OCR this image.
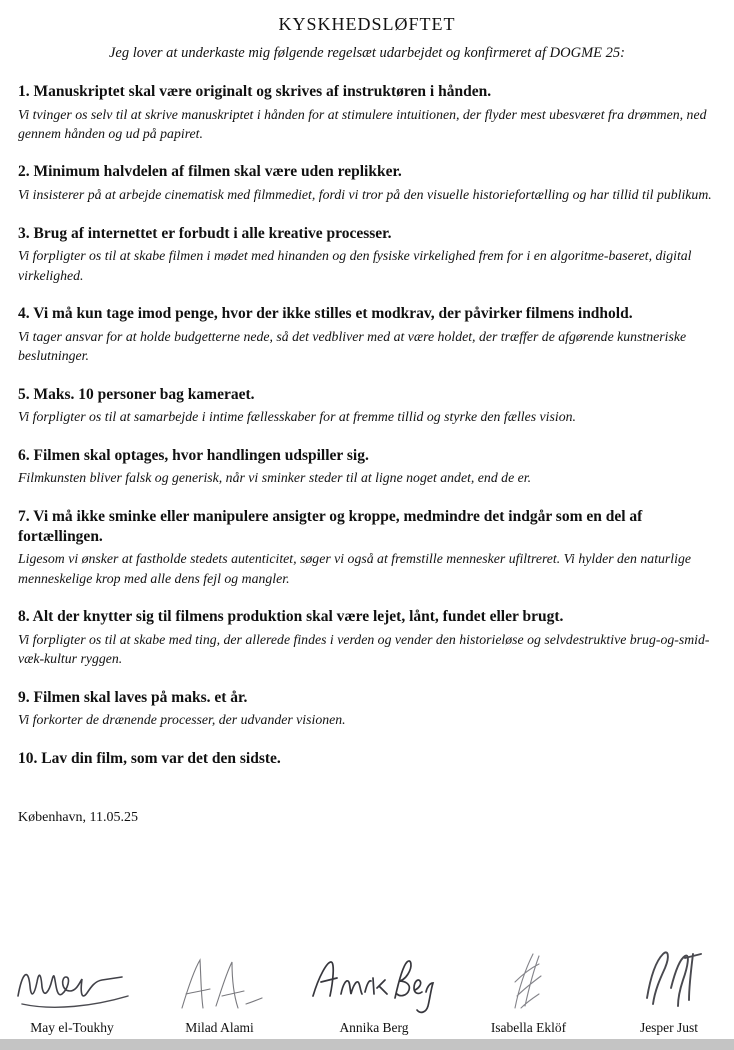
KYSKHEDSLØFTET

Jeg lover at underkaste mig følgende regelsæt udarbejdet og konfirmeret af DOGME 25:

1. Manuskriptet skal være originalt og skrives af instruktøren i hånden.

Vi tvinger os selv til at skrive manuskriptet i hånden for at stimulere intuitionen, der flyder mest ubesværet fra drømmen, ned gennem hånden og ud på papiret.

2. Minimum halvdelen af filmen skal være uden replikker.

Vi insisterer på at arbejde cinematisk med filmmediet, fordi vi tror på den visuelle historiefortælling og har tillid til publikum.

3. Brug af internettet er forbudt i alle kreative processer.

Vi forpligter os til at skabe filmen i mødet med hinanden og den fysiske virkelighed frem for i en algoritme-baseret, digital virkelighed.

4. Vi må kun tage imod penge, hvor der ikke stilles et modkrav, der påvirker filmens indhold.

Vi tager ansvar for at holde budgetterne nede, så det vedbliver med at være holdet, der træffer de afgørende kunstneriske beslutninger.

5. Maks. 10 personer bag kameraet.

Vi forpligter os til at samarbejde i intime fællesskaber for at fremme tillid og styrke den fælles vision.

6. Filmen skal optages, hvor handlingen udspiller sig.

Filmkunsten bliver falsk og generisk, når vi sminker steder til at ligne noget andet, end de er.

7. Vi må ikke sminke eller manipulere ansigter og kroppe, medmindre det indgår som en del af fortællingen.

Ligesom vi ønsker at fastholde stedets autenticitet, søger vi også at fremstille mennesker ufiltreret. Vi hylder den naturlige menneskelige krop med alle dens fejl og mangler.

8. Alt der knytter sig til filmens produktion skal være lejet, lånt, fundet eller brugt.

Vi forpligter os til at skabe med ting, der allerede findes i verden og vender den historieløse og selvdestruktive brug-og-smid-væk-kultur ryggen.

9. Filmen skal laves på maks. et år.

Vi forkorter de drænende processer, der udvander visionen.

10. Lav din film, som var det den sidste.

København, 11.05.25

May el-Toukhy	Milad Alami	Annika Berg	Isabella Eklöf	Jesper Just
